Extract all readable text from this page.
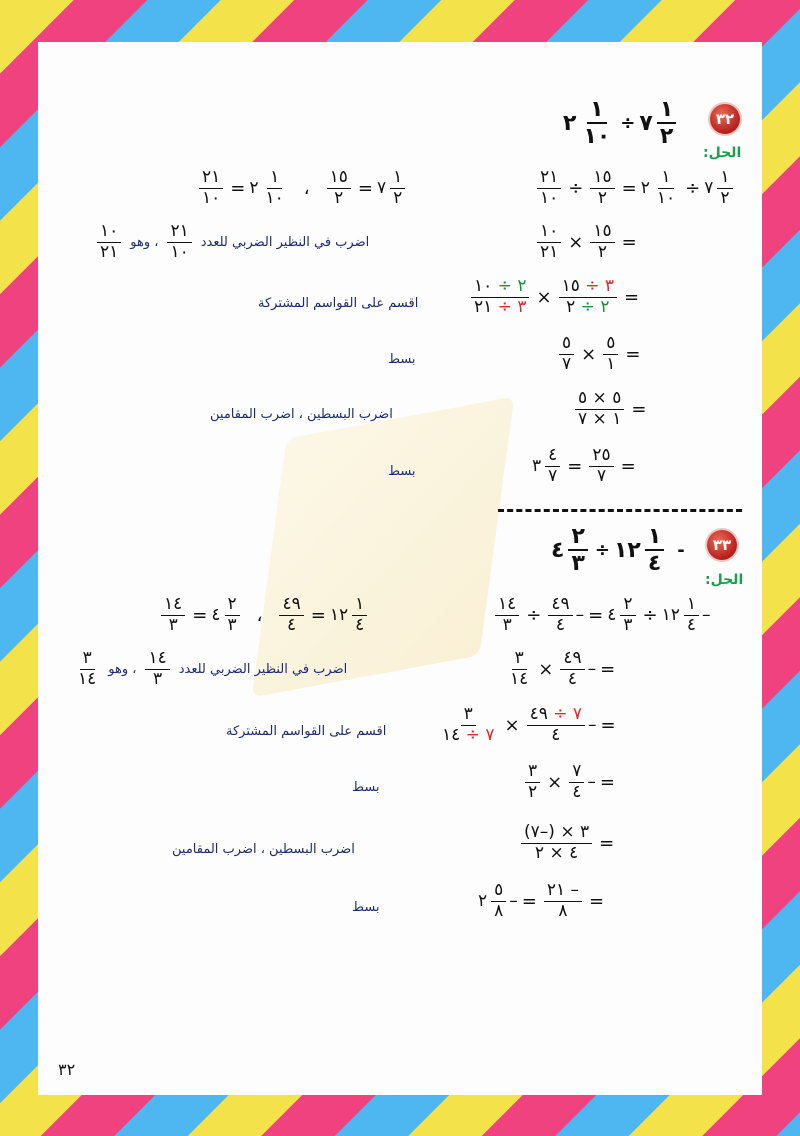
٢ $\frac{١}{١٠}$ ÷ ٧ $\frac{١}{٢}$	٣٢
الحل:
$\frac{٢١}{١٠}$ = ٢ $\frac{١}{١٠}$ ، $\frac{١٥}{٢}$ = ٧ $\frac{١}{٢}$	$\frac{٢١}{١٠} \div \frac{١٥}{٢}$ = ٢ $\frac{١}{١٠}$ ÷ ٧ $\frac{١}{٢}$
$\frac{١٠}{٢١}$ ، وهو $\frac{٢١}{١٠}$ اضرب في النظير الضربي للعدد	$\frac{١٠}{٢١} \times \frac{١٥}{٢}$ =
اقسم على القواسم المشتركة	$\frac{٢ \div ١٠}{٣ \div ٢١} \times \frac{٣ \div ١٥}{٢ \div ٢}$ =
بسط	$\frac{٥}{٧} \times \frac{٥}{١}$ =
اضرب البسطين ، اضرب المقامين	$\frac{٥ \times ٥}{١ \times ٧}$ =
بسط	٣ $\frac{٤}{٧} = \frac{٢٥}{٧}$ =
٤ $\frac{٢}{٣}$ ÷ ١٢ $\frac{١}{٤}$ -	٣٣
الحل:
$\frac{١٤}{٣}$ = ٤ $\frac{٢}{٣}$ ، $\frac{٤٩}{٤}$ = ١٢ $\frac{١}{٤}$	$\frac{١٤}{٣} \div \frac{٤٩}{٤}$ – = ٤ $\frac{٢}{٣}$ ÷ ١٢ $\frac{١}{٤}$ –
$\frac{٣}{١٤}$ ، وهو $\frac{١٤}{٣}$ اضرب في النظير الضربي للعدد	$\frac{٣}{١٤} \times \frac{٤٩}{٤}$ – =
اقسم على القواسم المشتركة	$\frac{٣}{٧ \div ١٤} \times \frac{٧ \div ٤٩}{٤}$ – =
بسط	$\frac{٣}{٢} \times \frac{٧}{٤}$ – =
اضرب البسطين ، اضرب المقامين	$\frac{(٧-) \times ٣}{٤ \times ٢}$ =
بسط	٢ $\frac{٥}{٨}$ – = $\frac{٢١ -}{٨}$ =
٣٢
